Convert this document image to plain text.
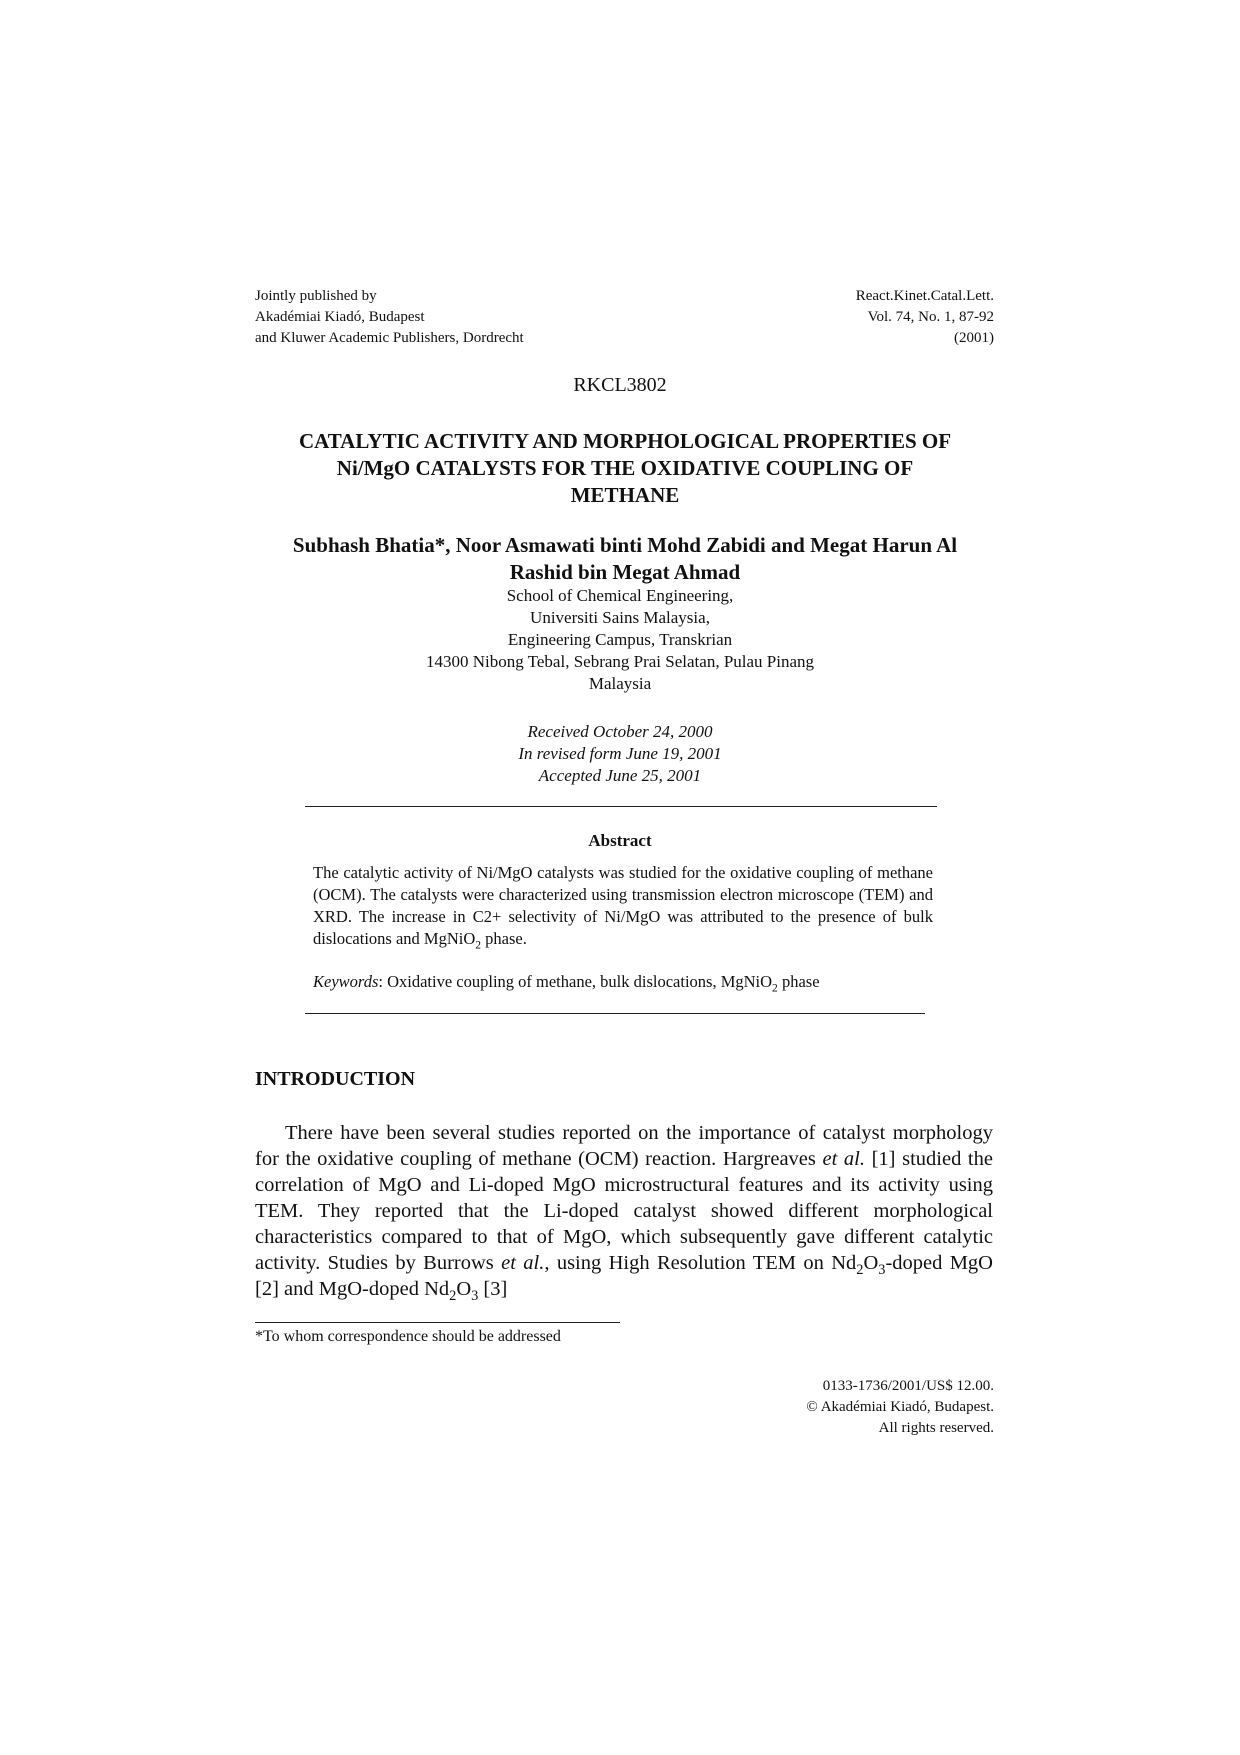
Jointly published by
Akadémiai Kiadó, Budapest
and Kluwer Academic Publishers, Dordrecht
React.Kinet.Catal.Lett.
Vol. 74, No. 1, 87-92
(2001)
RKCL3802
CATALYTIC ACTIVITY AND MORPHOLOGICAL PROPERTIES OF
Ni/MgO CATALYSTS FOR THE OXIDATIVE COUPLING OF
METHANE
Subhash Bhatia*, Noor Asmawati binti Mohd Zabidi and Megat Harun Al
Rashid bin Megat Ahmad
School of Chemical Engineering,
Universiti Sains Malaysia,
Engineering Campus, Transkrian
14300 Nibong Tebal, Sebrang Prai Selatan, Pulau Pinang
Malaysia
Received October 24, 2000
In revised form June 19, 2001
Accepted June 25, 2001
Abstract
The catalytic activity of Ni/MgO catalysts was studied for the oxidative coupling of methane (OCM). The catalysts were characterized using transmission electron microscope (TEM) and XRD. The increase in C2+ selectivity of Ni/MgO was attributed to the presence of bulk dislocations and MgNiO$_2$ phase.
Keywords: Oxidative coupling of methane, bulk dislocations, MgNiO$_2$ phase
INTRODUCTION

There have been several studies reported on the importance of catalyst morphology for the oxidative coupling of methane (OCM) reaction. Hargreaves et al. [1] studied the correlation of MgO and Li-doped MgO microstructural features and its activity using TEM. They reported that the Li-doped catalyst showed different morphological characteristics compared to that of MgO, which subsequently gave different catalytic activity. Studies by Burrows et al., using High Resolution TEM on $Nd_2O_3$-doped MgO [2] and MgO-doped $Nd_2O_3$ [3]

*To whom correspondence should be addressed
0133-1736/2001/US$ 12.00.
© Akadémiai Kiadó, Budapest.
All rights reserved.
